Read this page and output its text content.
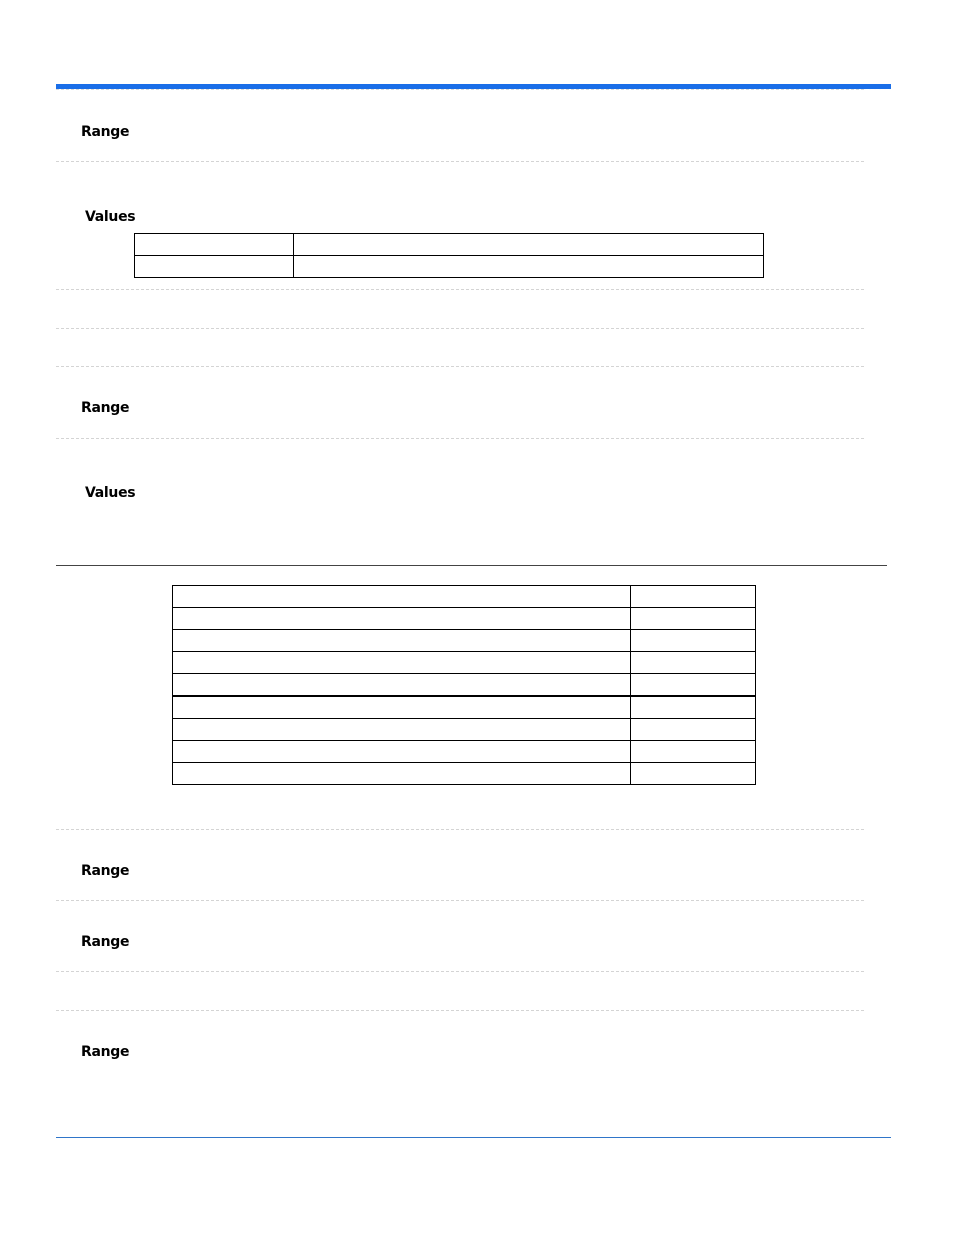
Range
Values

Range
Values

Range
Range
Range
